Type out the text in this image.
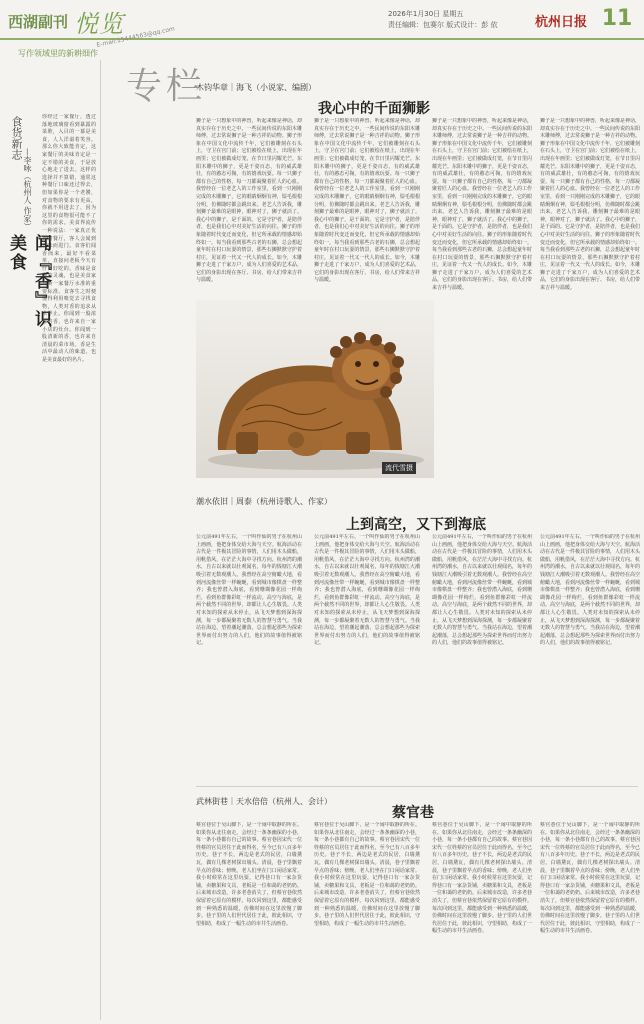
西湖副刊 悦览	2026年1月30日 星期五
责任编辑：包赛尔 版式设计：彭 依	杭州日报 11
写作领域里的新耕细作
E-mail:15444563@qq.com
专栏
食货新志
—李咏（杭州人 作家）
闻『香』识美食
你经过一家餐厅，透过落地玻璃窗看到暴露的菜堆，入目的一幕是美食，人人洋溢着笑容。那么你大致能肯定，这家餐厅的美味肯定是一定不错的美食，于是放心地走了进去。这样的选择并不算错，通常这种餐厅口味还过得去，但如果你是一个老饕，对食物的要求有更高，你就不用进去了，因为这里的食物很可能不了你的需求。美食界流传一种说法：一家真正优秀的餐厅，客人会闻到香味而进门。食客们闻香而来，最好不看菜单，直接问老板今天有什么好吃的。香味是食物的灵魂，也是美食家判断一家餐厅水准的重要标准。食客生之时便懂得利用嗅觉去寻找食物，人类对香的追求从未停止。你闻到一股浓郁的香，也许来自一家小店的灶台。你闻到一股清新的香，也许来自清晨的菜市场。香是生活中最动人的味道，也是美食最好的名片。
木钧华章｜海飞（小说家、编剧）
我心中的千面狮影
狮子是一只想象中的神兽，听起来像是神话，却真实存在于历史之中。一些民间传说的东阳木雕师傅，过去常说狮子是一种吉祥的动物。狮子形象在中国文化中流传千年，它们被雕刻在石头上，守卫在宫门前；它们被绘在纸上，出现在年画里；它们被做成灯笼，在节日里闪耀光芒。东阳木雕中的狮子，更是千姿百态，有的威武雄壮，有的憨态可掬，有的嬉戏玩耍。每一只狮子都有自己的性格，每一刀都凝聚着匠人的心血。我曾经在一位老艺人的工作室里，看到一只刚刚完成的木雕狮子，它的眼睛炯炯有神，鬃毛根根分明，仿佛随时都会跳出来。老艺人告诉我，雕刻狮子最难的是眼神，眼神对了，狮子就活了。我心中的狮子，是千面的。它是守护者，是陪伴者，也是我们心中对美好生活的向往。狮子的形象随着时代变迁而变化，但它所承载的情感却始终如一。每当我看到那些古老的石狮，总会想起童年时在村口玩耍的情景，那些石狮默默守护着村庄，见证着一代又一代人的成长。如今，木雕狮子走进了千家万户，成为人们喜爱的艺术品，它们的身影出现在客厅、书房，给人们带来吉祥与温暖。
狮子是一只想象中的神兽，听起来像是神话，却真实存在于历史之中。一些民间传说的东阳木雕师傅，过去常说狮子是一种吉祥的动物。狮子形象在中国文化中流传千年，它们被雕刻在石头上，守卫在宫门前；它们被绘在纸上，出现在年画里；它们被做成灯笼，在节日里闪耀光芒。东阳木雕中的狮子，更是千姿百态，有的威武雄壮，有的憨态可掬，有的嬉戏玩耍。每一只狮子都有自己的性格，每一刀都凝聚着匠人的心血。我曾经在一位老艺人的工作室里，看到一只刚刚完成的木雕狮子，它的眼睛炯炯有神，鬃毛根根分明，仿佛随时都会跳出来。老艺人告诉我，雕刻狮子最难的是眼神，眼神对了，狮子就活了。我心中的狮子，是千面的。它是守护者，是陪伴者，也是我们心中对美好生活的向往。狮子的形象随着时代变迁而变化，但它所承载的情感却始终如一。每当我看到那些古老的石狮，总会想起童年时在村口玩耍的情景，那些石狮默默守护着村庄，见证着一代又一代人的成长。如今，木雕狮子走进了千家万户，成为人们喜爱的艺术品，它们的身影出现在客厅、书房，给人们带来吉祥与温暖。
狮子是一只想象中的神兽，听起来像是神话，却真实存在于历史之中。一些民间传说的东阳木雕师傅，过去常说狮子是一种吉祥的动物。狮子形象在中国文化中流传千年，它们被雕刻在石头上，守卫在宫门前；它们被绘在纸上，出现在年画里；它们被做成灯笼，在节日里闪耀光芒。东阳木雕中的狮子，更是千姿百态，有的威武雄壮，有的憨态可掬，有的嬉戏玩耍。每一只狮子都有自己的性格，每一刀都凝聚着匠人的心血。我曾经在一位老艺人的工作室里，看到一只刚刚完成的木雕狮子，它的眼睛炯炯有神，鬃毛根根分明，仿佛随时都会跳出来。老艺人告诉我，雕刻狮子最难的是眼神，眼神对了，狮子就活了。我心中的狮子，是千面的。它是守护者，是陪伴者，也是我们心中对美好生活的向往。狮子的形象随着时代变迁而变化，但它所承载的情感却始终如一。每当我看到那些古老的石狮，总会想起童年时在村口玩耍的情景，那些石狮默默守护着村庄，见证着一代又一代人的成长。如今，木雕狮子走进了千家万户，成为人们喜爱的艺术品，它们的身影出现在客厅、书房，给人们带来吉祥与温暖。
狮子是一只想象中的神兽，听起来像是神话，却真实存在于历史之中。一些民间传说的东阳木雕师傅，过去常说狮子是一种吉祥的动物。狮子形象在中国文化中流传千年，它们被雕刻在石头上，守卫在宫门前；它们被绘在纸上，出现在年画里；它们被做成灯笼，在节日里闪耀光芒。东阳木雕中的狮子，更是千姿百态，有的威武雄壮，有的憨态可掬，有的嬉戏玩耍。每一只狮子都有自己的性格，每一刀都凝聚着匠人的心血。我曾经在一位老艺人的工作室里，看到一只刚刚完成的木雕狮子，它的眼睛炯炯有神，鬃毛根根分明，仿佛随时都会跳出来。老艺人告诉我，雕刻狮子最难的是眼神，眼神对了，狮子就活了。我心中的狮子，是千面的。它是守护者，是陪伴者，也是我们心中对美好生活的向往。狮子的形象随着时代变迁而变化，但它所承载的情感却始终如一。每当我看到那些古老的石狮，总会想起童年时在村口玩耍的情景，那些石狮默默守护着村庄，见证着一代又一代人的成长。如今，木雕狮子走进了千家万户，成为人们喜爱的艺术品，它们的身影出现在客厅、书房，给人们带来吉祥与温暖。
流代雪摄
潮水依旧｜周泰（杭州诗歌人、作家）
上到高空，又下到海底
公元前491年左右，一个叫作仙的男子在杭州山上画画，他把身体交给大海与天空。航海活动在古代是一件极其冒险的事情，人们用木头做船，用帆借风，在茫茫大海中寻找方向。杭州湾的潮水，自古以来就以壮观闻名，每年的钱塘江大潮吸引着无数观潮人。我曾经在高空俯瞰大地，看到河流像丝带一样蜿蜒，看到城市像棋盘一样整齐；我也曾潜入海底，看到珊瑚像花园一样绚烂，看到鱼群像彩虹一样流动。高空与海底，是两个截然不同的世界，却都让人心生敬畏。人类对未知的探索从未停止，从飞天梦想到深海探测，每一步都凝聚着无数人的智慧与勇气。当我站在海边，望着潮起潮落，总会想起那些为探索世界而付出努力的人们，他们的故事值得被铭记。
公元前491年左右，一个叫作仙的男子在杭州山上画画，他把身体交给大海与天空。航海活动在古代是一件极其冒险的事情，人们用木头做船，用帆借风，在茫茫大海中寻找方向。杭州湾的潮水，自古以来就以壮观闻名，每年的钱塘江大潮吸引着无数观潮人。我曾经在高空俯瞰大地，看到河流像丝带一样蜿蜒，看到城市像棋盘一样整齐；我也曾潜入海底，看到珊瑚像花园一样绚烂，看到鱼群像彩虹一样流动。高空与海底，是两个截然不同的世界，却都让人心生敬畏。人类对未知的探索从未停止，从飞天梦想到深海探测，每一步都凝聚着无数人的智慧与勇气。当我站在海边，望着潮起潮落，总会想起那些为探索世界而付出努力的人们，他们的故事值得被铭记。
公元前491年左右，一个叫作仙的男子在杭州山上画画，他把身体交给大海与天空。航海活动在古代是一件极其冒险的事情，人们用木头做船，用帆借风，在茫茫大海中寻找方向。杭州湾的潮水，自古以来就以壮观闻名，每年的钱塘江大潮吸引着无数观潮人。我曾经在高空俯瞰大地，看到河流像丝带一样蜿蜒，看到城市像棋盘一样整齐；我也曾潜入海底，看到珊瑚像花园一样绚烂，看到鱼群像彩虹一样流动。高空与海底，是两个截然不同的世界，却都让人心生敬畏。人类对未知的探索从未停止，从飞天梦想到深海探测，每一步都凝聚着无数人的智慧与勇气。当我站在海边，望着潮起潮落，总会想起那些为探索世界而付出努力的人们，他们的故事值得被铭记。
公元前491年左右，一个叫作仙的男子在杭州山上画画，他把身体交给大海与天空。航海活动在古代是一件极其冒险的事情，人们用木头做船，用帆借风，在茫茫大海中寻找方向。杭州湾的潮水，自古以来就以壮观闻名，每年的钱塘江大潮吸引着无数观潮人。我曾经在高空俯瞰大地，看到河流像丝带一样蜿蜒，看到城市像棋盘一样整齐；我也曾潜入海底，看到珊瑚像花园一样绚烂，看到鱼群像彩虹一样流动。高空与海底，是两个截然不同的世界，却都让人心生敬畏。人类对未知的探索从未停止，从飞天梦想到深海探测，每一步都凝聚着无数人的智慧与勇气。当我站在海边，望着潮起潮落，总会想起那些为探索世界而付出努力的人们，他们的故事值得被铭记。
武林街巷｜天水倍倍（杭州人、会计）
蔡官巷
蔡官巷位于吴山脚下，是一个闹中取静的所在。如果你从北往南走，会经过一条条幽深的小巷，每一条小巷都有自己的故事。蔡官巷因宋代一位姓蔡的官员居住于此而得名，至今已有八百多年历史。巷子不长，两边是老式的民居，白墙黛瓦，偶有几棵老树探出墙头。清晨，巷子里飘着早点的香味；傍晚，老人们坐在门口闲话家常。我小时候常在这里玩耍，记得巷口有一家杂货铺，卖糖果和文具，老板是一位和蔼的老奶奶。后来城市改造，许多老巷消失了，但蔡官巷依然保留着它原有的模样。每次回到这里，都能感受到一种熟悉的温暖，仿佛时间在这里放慢了脚步。巷子里的人们世代居住于此，彼此相识，守望相助，构成了一幅生动的市井生活画卷。
蔡官巷位于吴山脚下，是一个闹中取静的所在。如果你从北往南走，会经过一条条幽深的小巷，每一条小巷都有自己的故事。蔡官巷因宋代一位姓蔡的官员居住于此而得名，至今已有八百多年历史。巷子不长，两边是老式的民居，白墙黛瓦，偶有几棵老树探出墙头。清晨，巷子里飘着早点的香味；傍晚，老人们坐在门口闲话家常。我小时候常在这里玩耍，记得巷口有一家杂货铺，卖糖果和文具，老板是一位和蔼的老奶奶。后来城市改造，许多老巷消失了，但蔡官巷依然保留着它原有的模样。每次回到这里，都能感受到一种熟悉的温暖，仿佛时间在这里放慢了脚步。巷子里的人们世代居住于此，彼此相识，守望相助，构成了一幅生动的市井生活画卷。
蔡官巷位于吴山脚下，是一个闹中取静的所在。如果你从北往南走，会经过一条条幽深的小巷，每一条小巷都有自己的故事。蔡官巷因宋代一位姓蔡的官员居住于此而得名，至今已有八百多年历史。巷子不长，两边是老式的民居，白墙黛瓦，偶有几棵老树探出墙头。清晨，巷子里飘着早点的香味；傍晚，老人们坐在门口闲话家常。我小时候常在这里玩耍，记得巷口有一家杂货铺，卖糖果和文具，老板是一位和蔼的老奶奶。后来城市改造，许多老巷消失了，但蔡官巷依然保留着它原有的模样。每次回到这里，都能感受到一种熟悉的温暖，仿佛时间在这里放慢了脚步。巷子里的人们世代居住于此，彼此相识，守望相助，构成了一幅生动的市井生活画卷。
蔡官巷位于吴山脚下，是一个闹中取静的所在。如果你从北往南走，会经过一条条幽深的小巷，每一条小巷都有自己的故事。蔡官巷因宋代一位姓蔡的官员居住于此而得名，至今已有八百多年历史。巷子不长，两边是老式的民居，白墙黛瓦，偶有几棵老树探出墙头。清晨，巷子里飘着早点的香味；傍晚，老人们坐在门口闲话家常。我小时候常在这里玩耍，记得巷口有一家杂货铺，卖糖果和文具，老板是一位和蔼的老奶奶。后来城市改造，许多老巷消失了，但蔡官巷依然保留着它原有的模样。每次回到这里，都能感受到一种熟悉的温暖，仿佛时间在这里放慢了脚步。巷子里的人们世代居住于此，彼此相识，守望相助，构成了一幅生动的市井生活画卷。
